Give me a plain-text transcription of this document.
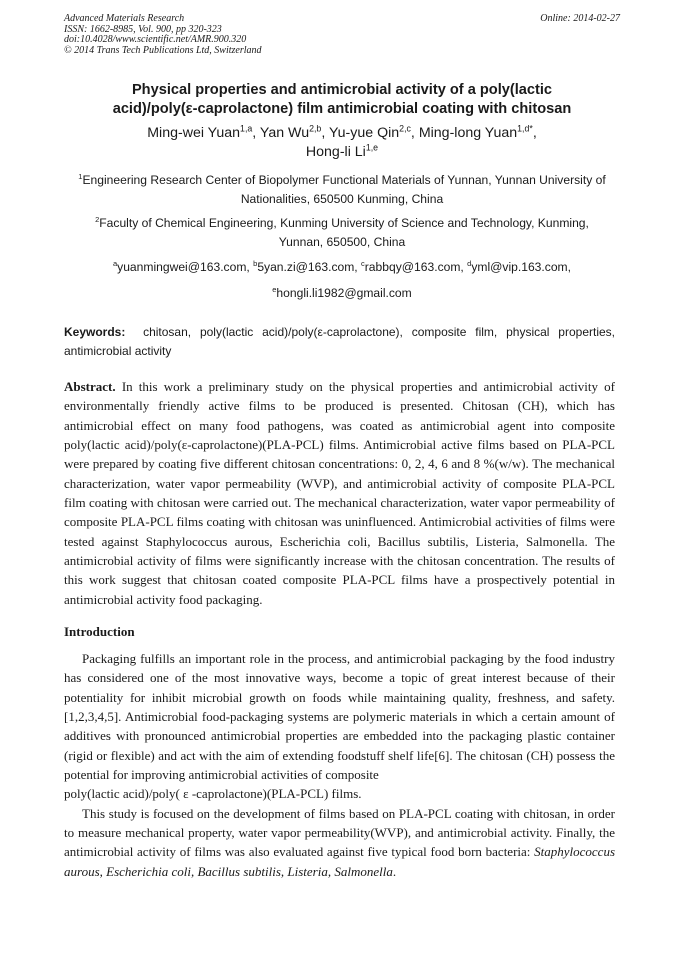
Advanced Materials Research
ISSN: 1662-8985, Vol. 900, pp 320-323
doi:10.4028/www.scientific.net/AMR.900.320
© 2014 Trans Tech Publications Ltd, Switzerland
Online: 2014-02-27
Physical properties and antimicrobial activity of a poly(lactic
acid)/poly(ε-caprolactone) film antimicrobial coating with chitosan
Ming-wei Yuan$^{1,a}$, Yan Wu$^{2,b}$, Yu-yue Qin$^{2,c}$, Ming-long Yuan$^{1,d*}$,
Hong-li Li$^{1,e}$
$^1$Engineering Research Center of Biopolymer Functional Materials of Yunnan, Yunnan University of
Nationalities, 650500 Kunming, China
$^2$Faculty of Chemical Engineering, Kunming University of Science and Technology, Kunming,
Yunnan, 650500, China
$^a$yuanmingwei@163.com, $^b$5yan.zi@163.com, $^c$rabbqy@163.com, $^d$yml@vip.163.com,
$^e$hongli.li1982@gmail.com
Keywords: chitosan, poly(lactic acid)/poly(ε-caprolactone), composite film, physical properties, antimicrobial activity
Abstract. In this work a preliminary study on the physical properties and antimicrobial activity of environmentally friendly active films to be produced is presented. Chitosan (CH), which has antimicrobial effect on many food pathogens, was coated as antimicrobial agent into composite poly(lactic acid)/poly(ε-caprolactone)(PLA-PCL) films. Antimicrobial active films based on PLA-PCL were prepared by coating five different chitosan concentrations: 0, 2, 4, 6 and 8 %(w/w). The mechanical characterization, water vapor permeability (WVP), and antimicrobial activity of composite PLA-PCL film coating with chitosan were carried out. The mechanical characterization, water vapor permeability of composite PLA-PCL films coating with chitosan was uninfluenced. Antimicrobial activities of films were tested against Staphylococcus aurous, Escherichia coli, Bacillus subtilis, Listeria, Salmonella. The antimicrobial activity of films were significantly increase with the chitosan concentration. The results of this work suggest that chitosan coated composite PLA-PCL films have a prospectively potential in antimicrobial activity food packaging.
Introduction
Packaging fulfills an important role in the process, and antimicrobial packaging by the food industry has considered one of the most innovative ways, become a topic of great interest because of their potentiality for inhibit microbial growth on foods while maintaining quality, freshness, and safety. [1,2,3,4,5]. Antimicrobial food-packaging systems are polymeric materials in which a certain amount of additives with pronounced antimicrobial properties are embedded into the packaging plastic container (rigid or flexible) and act with the aim of extending foodstuff shelf life[6]. The chitosan (CH) possess the potential for improving antimicrobial activities of composite
poly(lactic acid)/poly( ε -caprolactone)(PLA-PCL) films.
This study is focused on the development of films based on PLA-PCL coating with chitosan, in order to measure mechanical property, water vapor permeability(WVP), and antimicrobial activity. Finally, the antimicrobial activity of films was also evaluated against five typical food born bacteria: Staphylococcus aurous, Escherichia coli, Bacillus subtilis, Listeria, Salmonella.
